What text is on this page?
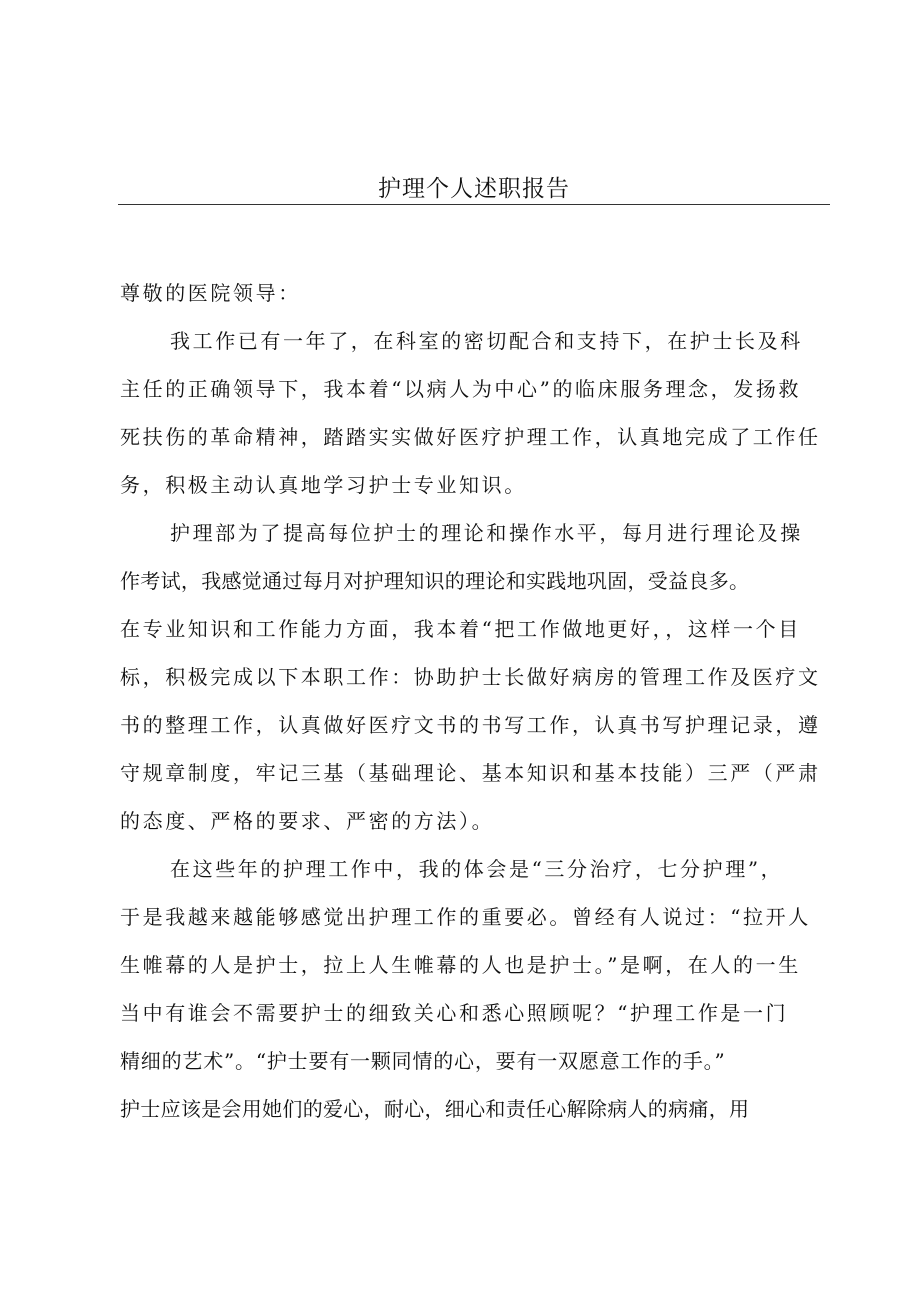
护理个人述职报告
尊敬的医院领导：
我工作已有一年了，在科室的密切配合和支持下，在护士长及科
主任的正确领导下，我本着“以病人为中心”的临床服务理念，发扬救
死扶伤的革命精神，踏踏实实做好医疗护理工作，认真地完成了工作任
务，积极主动认真地学习护士专业知识。
护理部为了提高每位护士的理论和操作水平，每月进行理论及操
作考试，我感觉通过每月对护理知识的理论和实践地巩固，受益良多。
在专业知识和工作能力方面，我本着“把工作做地更好，，这样一个目
标，积极完成以下本职工作：协助护士长做好病房的管理工作及医疗文
书的整理工作，认真做好医疗文书的书写工作，认真书写护理记录，遵
守规章制度，牢记三基（基础理论、基本知识和基本技能）三严（严肃
的态度、严格的要求、严密的方法）。
在这些年的护理工作中，我的体会是“三分治疗，七分护理”，
于是我越来越能够感觉出护理工作的重要必。曾经有人说过：“拉开人
生帷幕的人是护士，拉上人生帷幕的人也是护士。”是啊，在人的一生
当中有谁会不需要护士的细致关心和悉心照顾呢？“护理工作是一门
精细的艺术”。“护士要有一颗同情的心，要有一双愿意工作的手。”
护士应该是会用她们的爱心，耐心，细心和责任心解除病人的病痛，用
